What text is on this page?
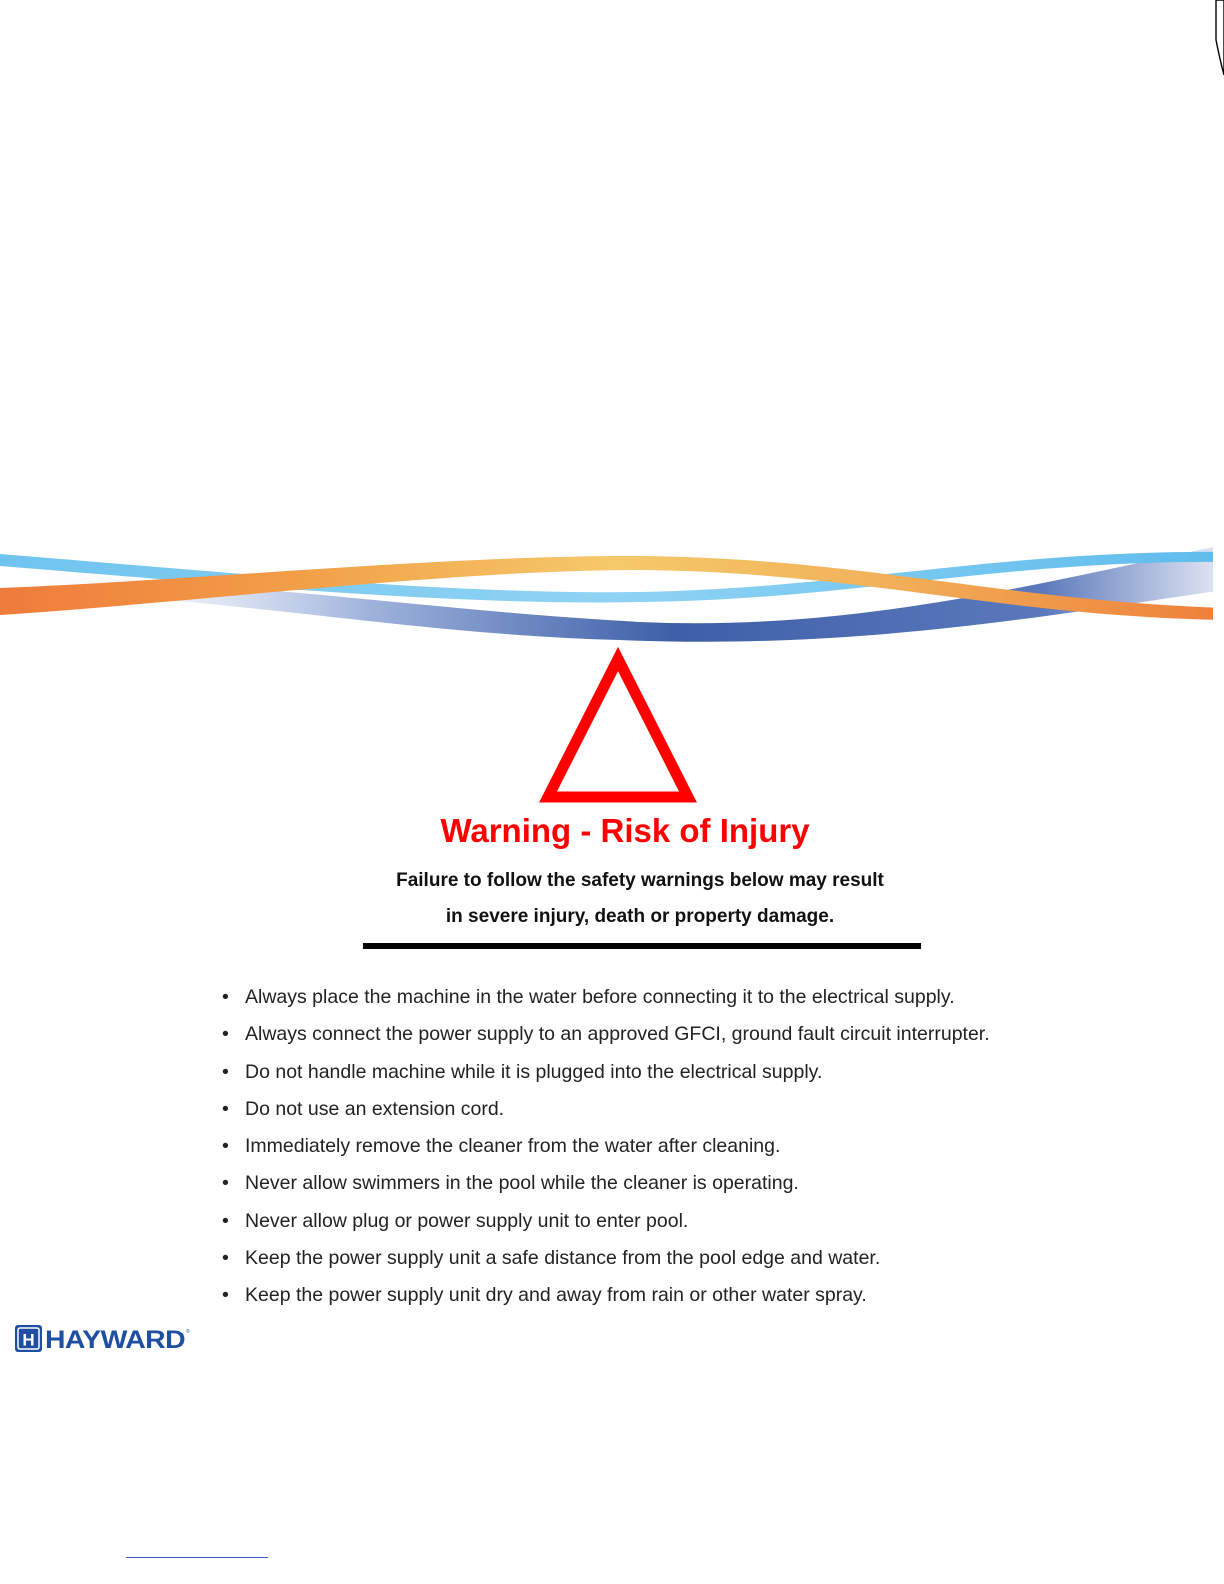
Warning - Risk of Injury

Failure to follow the safety warnings below may result

in severe injury, death or property damage.

• Always place the machine in the water before connecting it to the electrical supply.
• Always connect the power supply to an approved GFCI, ground fault circuit interrupter.
• Do not handle machine while it is plugged into the electrical supply.
• Do not use an extension cord.
• Immediately remove the cleaner from the water after cleaning.
• Never allow swimmers in the pool while the cleaner is operating.
• Never allow plug or power supply unit to enter pool.
• Keep the power supply unit a safe distance from the pool edge and water.
• Keep the power supply unit dry and away from rain or other water spray.
H HAYWARD ®
